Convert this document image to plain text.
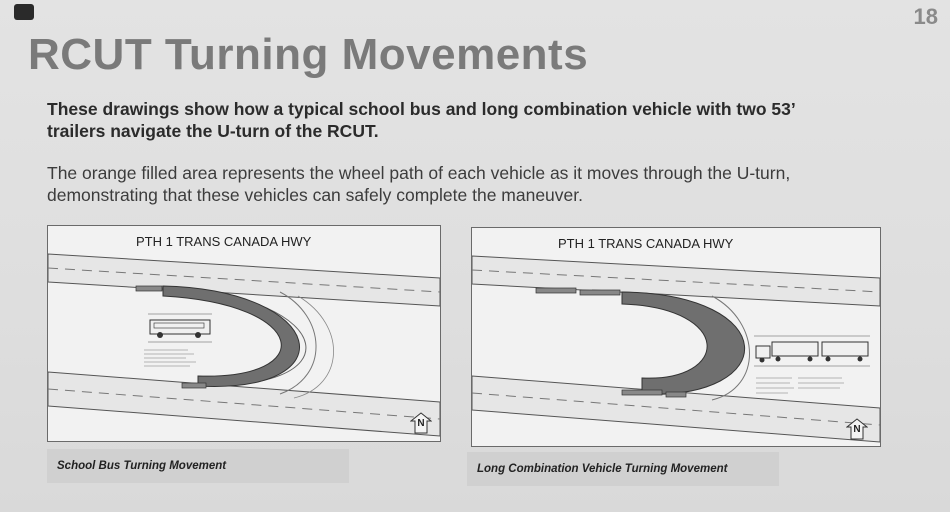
18
RCUT Turning Movements
These drawings show how a typical school bus and long combination vehicle with two 53’ trailers navigate the U-turn of the RCUT.
The orange filled area represents the wheel path of each vehicle as it moves through the U-turn, demonstrating that these vehicles can safely complete the maneuver.
PTH 1 TRANS CANADA HWY
N
School Bus Turning Movement
PTH 1 TRANS CANADA HWY
N
Long Combination Vehicle Turning Movement
